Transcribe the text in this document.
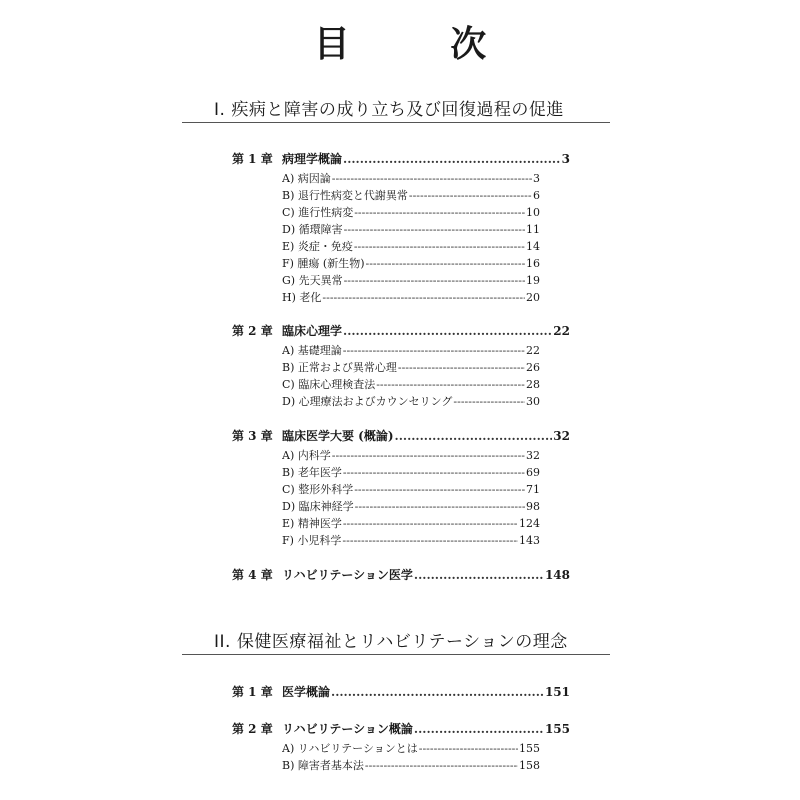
目 次
I. 疾病と障害の成り立ち及び回復過程の促進
第 1 章 病理学概論 .....	3
A) 病因論 -----	3
B) 退行性病変と代謝異常 -----	6
C) 進行性病変 -----	10
D) 循環障害 -----	11
E) 炎症・免疫 -----	14
F) 腫瘍 (新生物) -----	16
G) 先天異常 -----	19
H) 老化 -----	20
第 2 章 臨床心理学 .....	22
A) 基礎理論 -----	22
B) 正常および異常心理 -----	26
C) 臨床心理検査法 -----	28
D) 心理療法およびカウンセリング -----	30
第 3 章 臨床医学大要 (概論) .....	32
A) 内科学 -----	32
B) 老年医学 -----	69
C) 整形外科学 -----	71
D) 臨床神経学 -----	98
E) 精神医学 -----	124
F) 小児科学 -----	143
第 4 章 リハビリテーション医学 .....	148
II. 保健医療福祉とリハビリテーションの理念
第 1 章 医学概論 .....	151
第 2 章 リハビリテーション概論 .....	155
A) リハビリテーションとは -----	155
B) 障害者基本法 -----	158
